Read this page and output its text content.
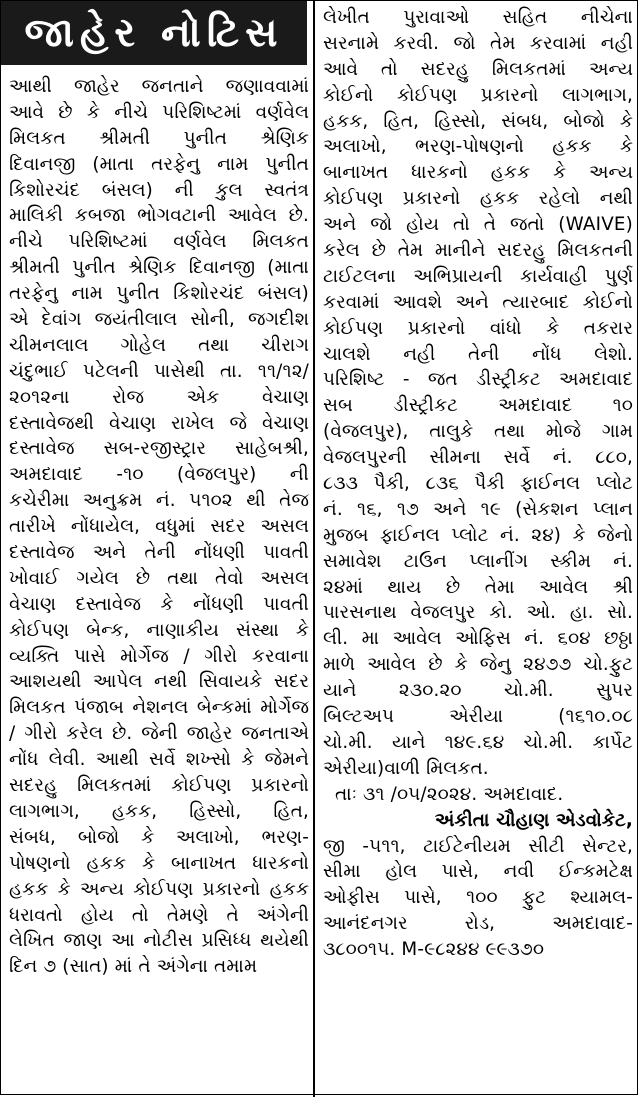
જાહેર નોટિસ
આથી જાહેર જનતાને જણાવવામાં
આવે છે કે નીચે પરિશિષ્ટમાં વર્ણવેલ
મિલકત શ્રીમતી પુનીત શ્રેણિક
દિવાનજી (માતા તરફેનુ નામ પુનીત
કિશોરચંદ બંસલ) ની કુલ સ્વતંત્ર
માલિકી કબજા ભોગવટાની આવેલ છે.
નીચે પરિશિષ્ટમાં વર્ણવેલ મિલકત
શ્રીમતી પુનીત શ્રેણિક દિવાનજી (માતા
તરફેનુ નામ પુનીત કિશોરચંદ બંસલ)
એ દેવાંગ જયંતીલાલ સોની, જગદીશ
ચીમનલાલ ગોહેલ તથા ચીરાગ
ચંદુભાઈ પટેલની પાસેથી તા. ૧૧/૧૨/
૨૦૧૨ના રોજ એક વેચાણ
દસ્તાવેજથી વેચાણ રાખેલ જે વેચાણ
દસ્તાવેજ સબ-રજીસ્ટ્રાર સાહેબશ્રી,
અમદાવાદ -૧૦ (વેજલપુર) ની
કચેરીમા અનુક્રમ નં. ૫૧૦૨ થી તેજ
તારીખે નોંધાયેલ, વધુમાં સદર અસલ
દસ્તાવેજ અને તેની નોંધણી પાવતી
ખોવાઈ ગયેલ છે તથા તેવો અસલ
વેચાણ દસ્તાવેજ કે નોંધણી પાવતી
કોઈપણ બેન્ક, નાણાકીય સંસ્થા કે
વ્યક્તિ પાસે મોર્ગેજ / ગીરો કરવાના
આશયથી આપેલ નથી સિવાયકે સદર
મિલકત પંજાબ નેશનલ બેન્કમાં મોર્ગેજ
/ ગીરો કરેલ છે. જેની જાહેર જનતાએ
નોંધ લેવી. આથી સર્વે શખ્સો કે જેમને
સદરહુ મિલકતમાં કોઈપણ પ્રકારનો
લાગભાગ, હકક, હિસ્સો, હિત,
સંબધ, બોજો કે અલાખો, ભરણ-
પોષણનો હકક કે બાનાખત ધારકનો
હકક કે અન્ય કોઈપણ પ્રકારનો હકક
ધરાવતો હોય તો તેમણે તે અંગેની
લેખિત જાણ આ નોટીસ પ્રસિધ્ધ થયેથી
દિન ૭ (સાત) માં તે અંગેના તમામ
લેખીત પુરાવાઓ સહિત નીચેના
સરનામે કરવી. જો તેમ કરવામાં નહી
આવે તો સદરહુ મિલકતમાં અન્ય
કોઈનો કોઈપણ પ્રકારનો લાગભાગ,
હકક, હિત, હિસ્સો, સંબધ, બોજો કે
અલાખો, ભરણ-પોષણનો હકક કે
બાનાખત ધારકનો હકક કે અન્ય
કોઈપણ પ્રકારનો હકક રહેલો નથી
અને જો હોય તો તે જતો (WAIVE)
કરેલ છે તેમ માનીને સદરહુ મિલકતની
ટાઈટલના અભિપ્રાયની કાર્યવાહી પુર્ણ
કરવામાં આવશે અને ત્યારબાદ કોઈનો
કોઈપણ પ્રકારનો વાંધો કે તકરાર
ચાલશે નહી તેની નોંધ લેશો.
પરિશિષ્ટ - જત ડીસ્ટ્રીકટ અમદાવાદ
સબ ડીસ્ટ્રીકટ અમદાવાદ ૧૦
(વેજલપુર), તાલુકે તથા મોજે ગામ
વેજલપુરની સીમના સર્વે નં. ૮૮૦,
૮૩૩ પૈકી, ૮૩૬ પૈકી ફાઈનલ પ્લોટ
નં. ૧૬, ૧૭ અને ૧૯ (સેકશન પ્લાન
મુજબ ફાઈનલ પ્લોટ નં. ૨૪) કે જેનો
સમાવેશ ટાઉન પ્લાનીંગ સ્કીમ નં.
૨૪માં થાય છે તેમા આવેલ શ્રી
પારસનાથ વેજલપુર કો. ઓ. હા. સો.
લી. મા આવેલ ઓફિસ નં. ૬૦૪ છઠ્ઠા
માળે આવેલ છે કે જેનુ ૨૪૭૭ ચો.ફુટ
યાને ૨૩૦.૨૦ ચો.મી. સુપર
બિલ્ટઅપ એરીયા (૧૬૧૦.૦૮
ચો.મી. યાને ૧૪૯.૬૪ ચો.મી. કાર્પેટ
એરીયા)વાળી મિલકત.
તાઃ ૩૧ /૦૫/૨૦૨૪. અમદાવાદ.
અંકીતા ચૌહાણ એડવોકેટ,
જી -૫૧૧, ટાઈટેનીયમ સીટી સેન્ટર,
સીમા હોલ પાસે, નવી ઈન્કમટેક્ષ
ઓફીસ પાસે, ૧૦૦ ફુટ શ્યામલ-
આનંદનગર રોડ, અમદાવાદ-
૩૮૦૦૧૫. M-૯૮૨૪૪ ૯૯૩૭૦
